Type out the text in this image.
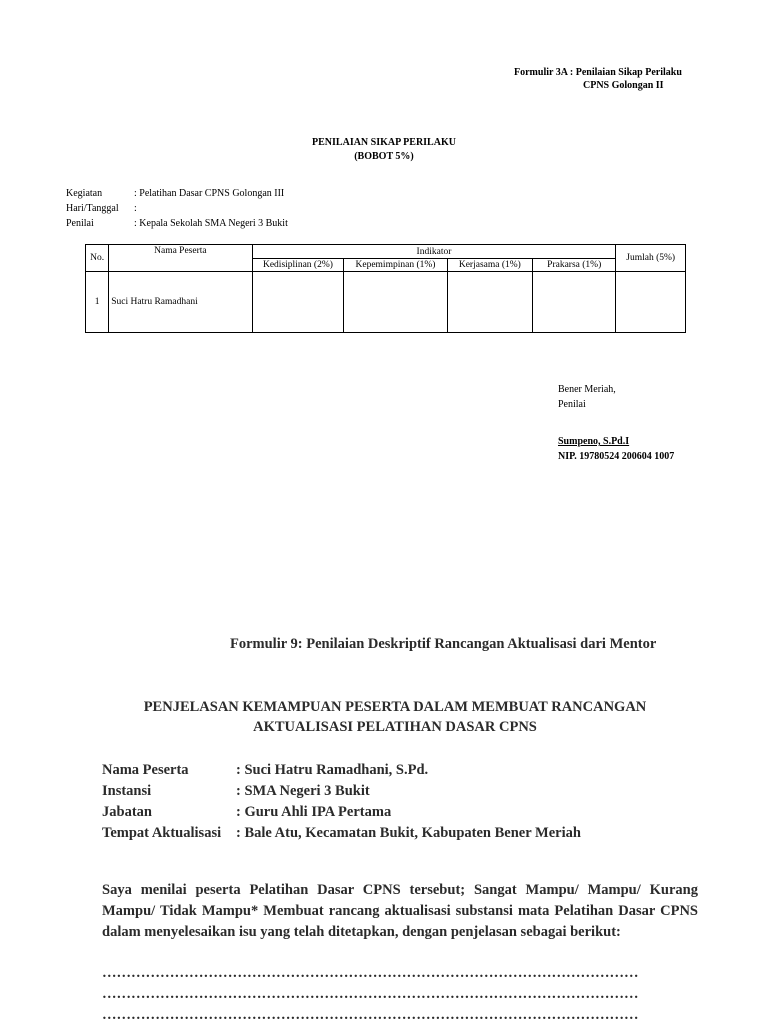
Formulir 3A : Penilaian Sikap Perilaku
CPNS Golongan II
PENILAIAN SIKAP PERILAKU
(BOBOT 5%)
Kegiatan	: Pelatihan Dasar CPNS Golongan III
Hari/Tanggal	:
Penilai	: Kepala Sekolah SMA Negeri 3 Bukit
No.	Nama Peserta	Indikator				Jumlah (5%)
		Kedisiplinan (2%)	Kepemimpinan (1%)	Kerjasama (1%)	Prakarsa (1%)	
1	Suci Hatru Ramadhani					
Bener Meriah,
Penilai
Sumpeno, S.Pd.I
NIP. 19780524 200604 1007
Formulir 9: Penilaian Deskriptif Rancangan Aktualisasi dari Mentor
PENJELASAN KEMAMPUAN PESERTA DALAM MEMBUAT RANCANGAN
AKTUALISASI PELATIHAN DASAR CPNS
Nama Peserta	: Suci Hatru Ramadhani, S.Pd.
Instansi	: SMA Negeri 3 Bukit
Jabatan	: Guru Ahli IPA Pertama
Tempat Aktualisasi	: Bale Atu, Kecamatan Bukit, Kabupaten Bener Meriah
Saya menilai peserta Pelatihan Dasar CPNS tersebut; Sangat Mampu/ Mampu/ Kurang Mampu/ Tidak Mampu* Membuat rancang aktualisasi substansi mata Pelatihan Dasar CPNS dalam menyelesaikan isu yang telah ditetapkan, dengan penjelasan sebagai berikut:
…………………………………………………………………………………………………
…………………………………………………………………………………………………
…………………………………………………………………………………………………
